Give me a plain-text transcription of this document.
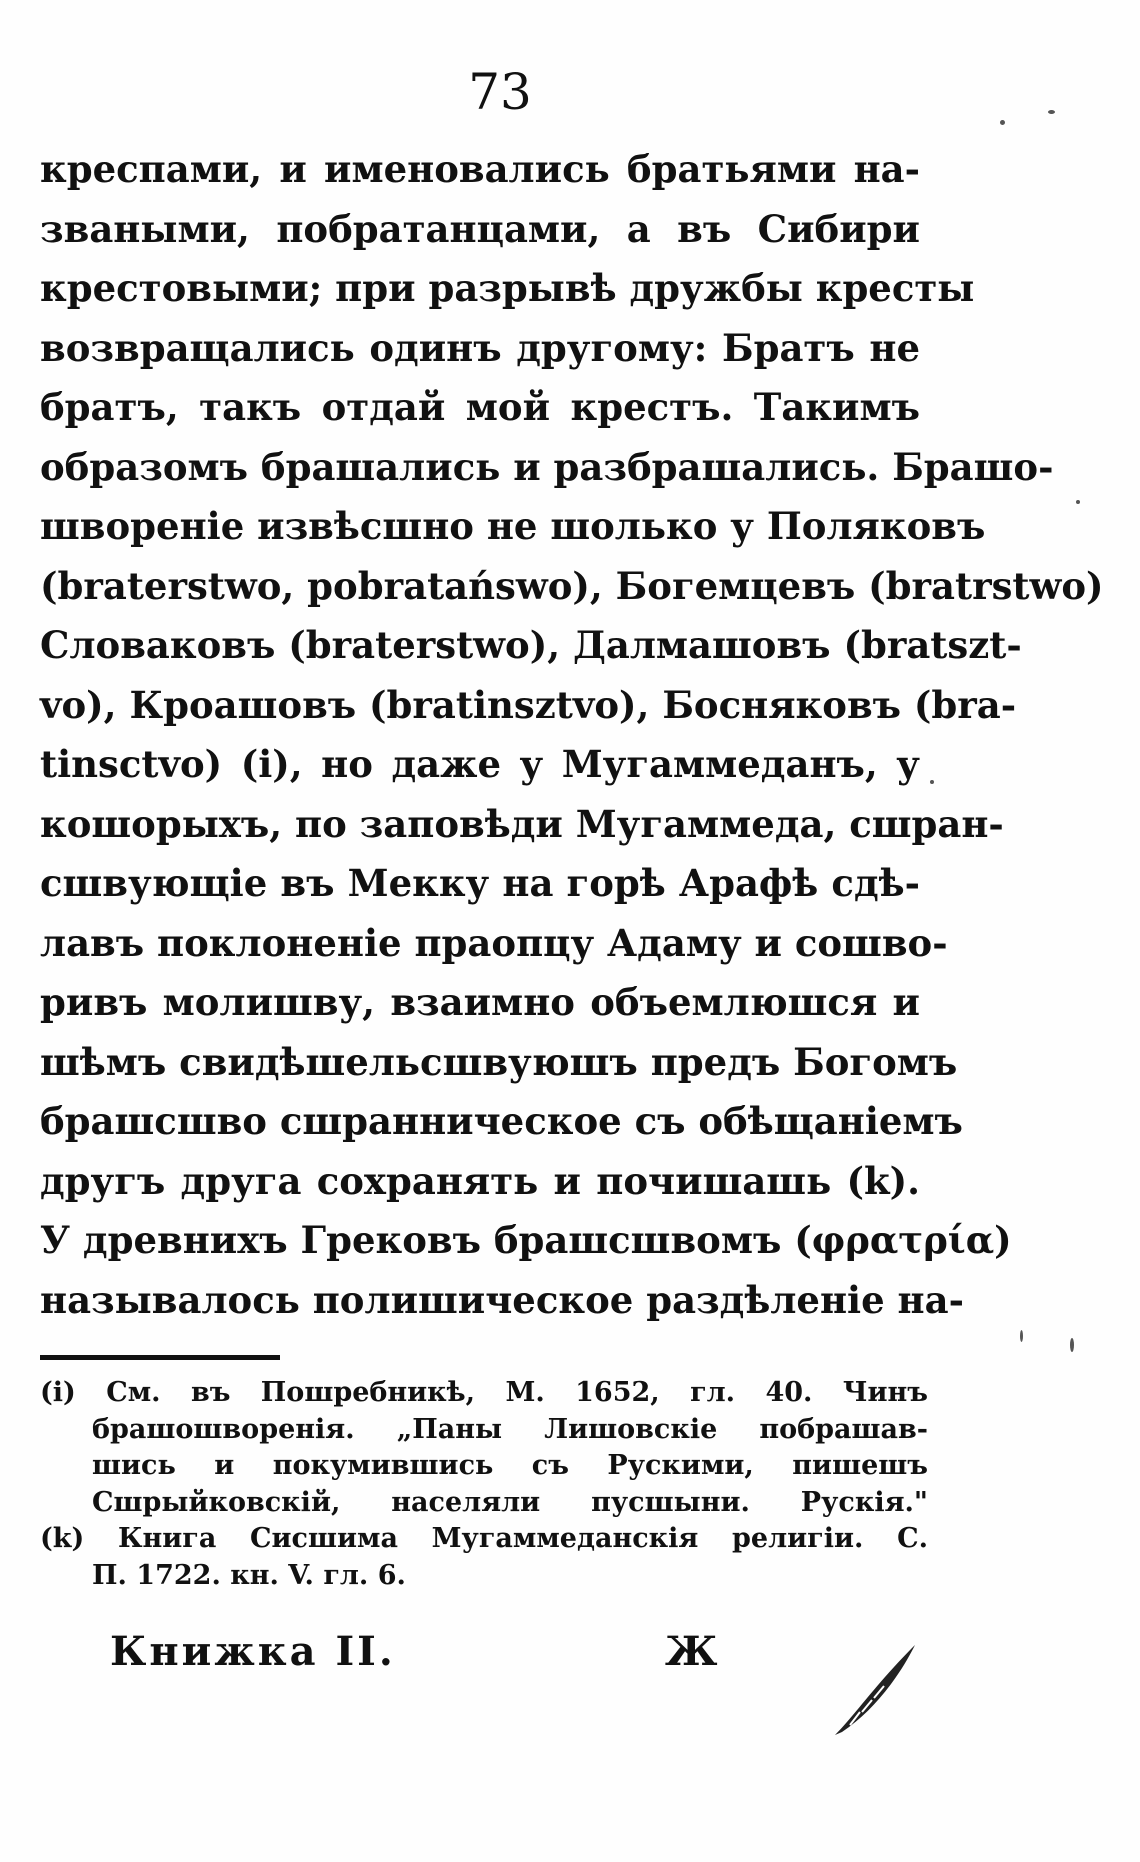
73
креспами, и именовались братьями на-
зваными, побратанцами, а въ Сибири
крестовыми; при разрывѣ дружбы кресты
возвращались одинъ другому: Братъ не
братъ, такъ отдай мой крестъ. Такимъ
образомъ брашались и разбрашались. Брашо-
шворенiе извѣсшно не шолько у Поляковъ
(braterstwo, pobratańswo), Богемцевъ (bratrstwo)
Словаковъ (braterstwo), Далмашовъ (bratszt-
vo), Кроашовъ (bratinsztvo), Босняковъ (bra-
tinsctvo) (i), но даже у Мугаммеданъ, у
кошорыхъ, по заповѣди Мугаммеда, сшран-
сшвующiе въ Мекку на горѣ Арафѣ сдѣ-
лавъ поклоненiе праопцу Адаму и сошво-
ривъ молишву, взаимно объемлюшся и
шѣмъ свидѣшельсшвуюшъ предъ Богомъ
брашсшво сшранническое съ обѣщанiемъ
другъ друга сохранять и почишашь (k).
У древнихъ Грековъ брашсшвомъ (φρατρία)
называлось полишическое раздѣленiе на-
(i) См. въ Пошребникѣ, М. 1652, гл. 40. Чинъ
брашошворенiя. „Паны Лишовскiе побрашав-
шись и покумившись съ Рускими, пишешъ
Сшрыйковскiй, населяли пусшыни. Рускiя."
(k) Книга Сисшима Мугаммеданскiя религiи. С.
П. 1722. кн. V. гл. 6.
Книжка II.	Ж
